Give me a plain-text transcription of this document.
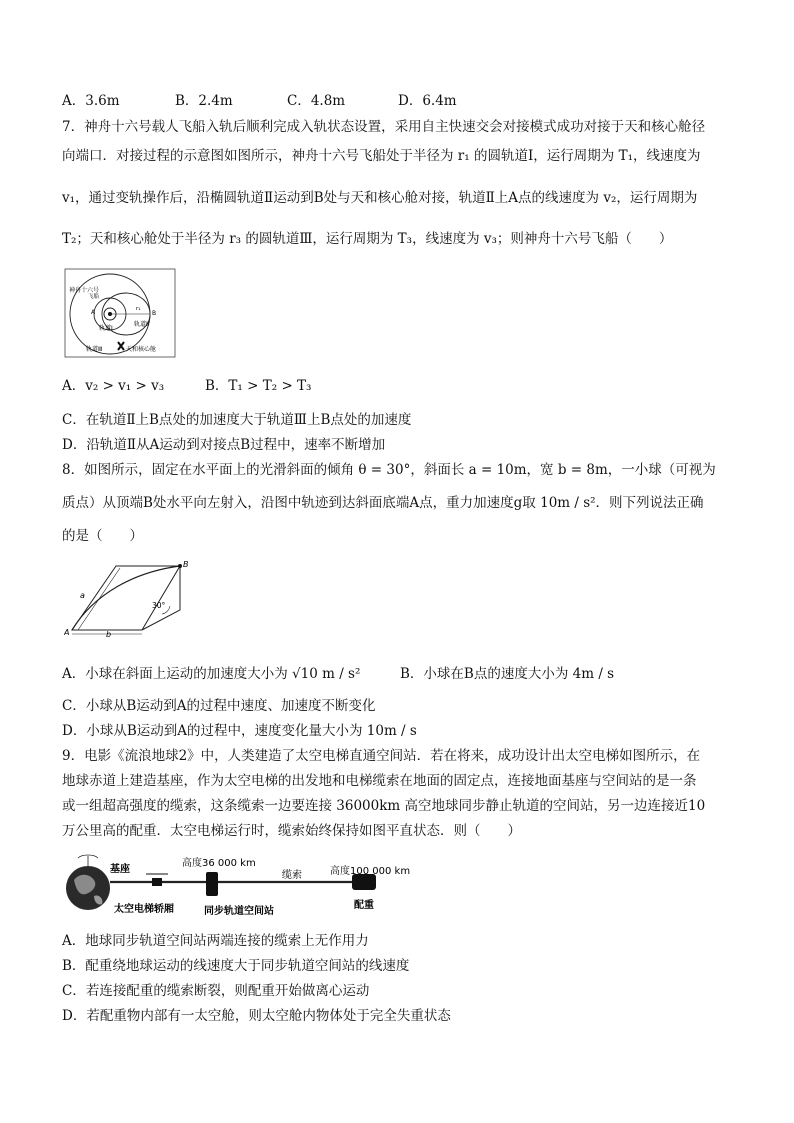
A．3.6m	B．2.4m	C．4.8m	D．6.4m
7．神舟十六号载人飞船入轨后顺利完成入轨状态设置，采用自主快速交会对接模式成功对接于天和核心舱径
向端口．对接过程的示意图如图所示，神舟十六号飞船处于半径为 r₁ 的圆轨道Ⅰ，运行周期为 T₁，线速度为
v₁，通过变轨操作后，沿椭圆轨道Ⅱ运动到B处与天和核心舱对接，轨道Ⅱ上A点的线速度为 v₂，运行周期为
T₂；天和核心舱处于半径为 r₃ 的圆轨道Ⅲ，运行周期为 T₃，线速度为 v₃；则神舟十六号飞船（　　）
神舟十六号
飞船
A	B
r₁
轨道Ⅰ
轨道Ⅱ
轨道Ⅲ	天和核心舱
A．v₂ > v₁ > v₃	B．T₁ > T₂ > T₃
C．在轨道Ⅱ上B点处的加速度大于轨道Ⅲ上B点处的加速度
D．沿轨道Ⅱ从A运动到对接点B过程中，速率不断增加
8．如图所示，固定在水平面上的光滑斜面的倾角 θ = 30°，斜面长 a = 10m，宽 b = 8m，一小球（可视为
质点）从顶端B处水平向左射入，沿图中轨迹到达斜面底端A点，重力加速度g取 10m / s²．则下列说法正确
的是（　　）
B
A
a
b
30°
A．小球在斜面上运动的加速度大小为 √10 m / s²	B．小球在B点的速度大小为 4m / s
C．小球从B运动到A的过程中速度、加速度不断变化
D．小球从B运动到A的过程中，速度变化量大小为 10m / s
9．电影《流浪地球2》中，人类建造了太空电梯直通空间站．若在将来，成功设计出太空电梯如图所示，在
地球赤道上建造基座，作为太空电梯的出发地和电梯缆索在地面的固定点，连接地面基座与空间站的是一条
或一组超高强度的缆索，这条缆索一边要连接 36000km 高空地球同步静止轨道的空间站，另一边连接近10
万公里高的配重．太空电梯运行时，缆索始终保持如图平直状态．则（　　）
基座
高度36 000 km
缆索	高度100 000 km
太空电梯轿厢	同步轨道空间站
配重
A．地球同步轨道空间站两端连接的缆索上无作用力
B．配重绕地球运动的线速度大于同步轨道空间站的线速度
C．若连接配重的缆索断裂，则配重开始做离心运动
D．若配重物内部有一太空舱，则太空舱内物体处于完全失重状态
